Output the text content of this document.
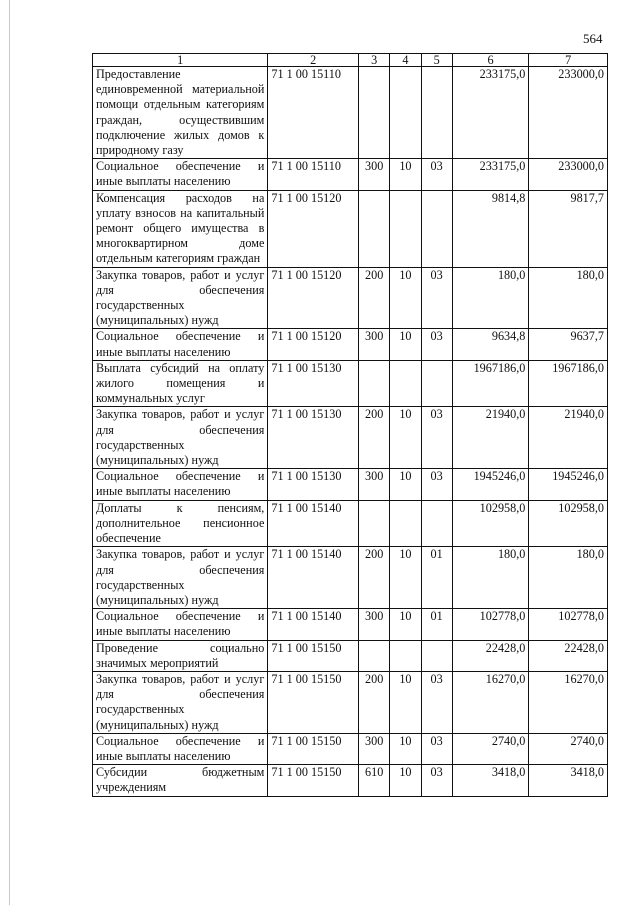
564
1	2	3	4	5	6	7
Предоставление единовременной материальной помощи отдельным категориям граждан, осуществившим подключение жилых домов к природному газу	71 1 00 15110				233175,0	233000,0
Социальное обеспечение и иные выплаты населению	71 1 00 15110	300	10	03	233175,0	233000,0
Компенсация расходов на уплату взносов на капитальный ремонт общего имущества в многоквартирном доме отдельным категориям граждан	71 1 00 15120				9814,8	9817,7
Закупка товаров, работ и услуг для обеспечения государственных (муниципальных) нужд	71 1 00 15120	200	10	03	180,0	180,0
Социальное обеспечение и иные выплаты населению	71 1 00 15120	300	10	03	9634,8	9637,7
Выплата субсидий на оплату жилого помещения и коммунальных услуг	71 1 00 15130				1967186,0	1967186,0
Закупка товаров, работ и услуг для обеспечения государственных (муниципальных) нужд	71 1 00 15130	200	10	03	21940,0	21940,0
Социальное обеспечение и иные выплаты населению	71 1 00 15130	300	10	03	1945246,0	1945246,0
Доплаты к пенсиям, дополнительное пенсионное обеспечение	71 1 00 15140				102958,0	102958,0
Закупка товаров, работ и услуг для обеспечения государственных (муниципальных) нужд	71 1 00 15140	200	10	01	180,0	180,0
Социальное обеспечение и иные выплаты населению	71 1 00 15140	300	10	01	102778,0	102778,0
Проведение социально значимых мероприятий	71 1 00 15150				22428,0	22428,0
Закупка товаров, работ и услуг для обеспечения государственных (муниципальных) нужд	71 1 00 15150	200	10	03	16270,0	16270,0
Социальное обеспечение и иные выплаты населению	71 1 00 15150	300	10	03	2740,0	2740,0
Субсидии бюджетным учреждениям	71 1 00 15150	610	10	03	3418,0	3418,0
